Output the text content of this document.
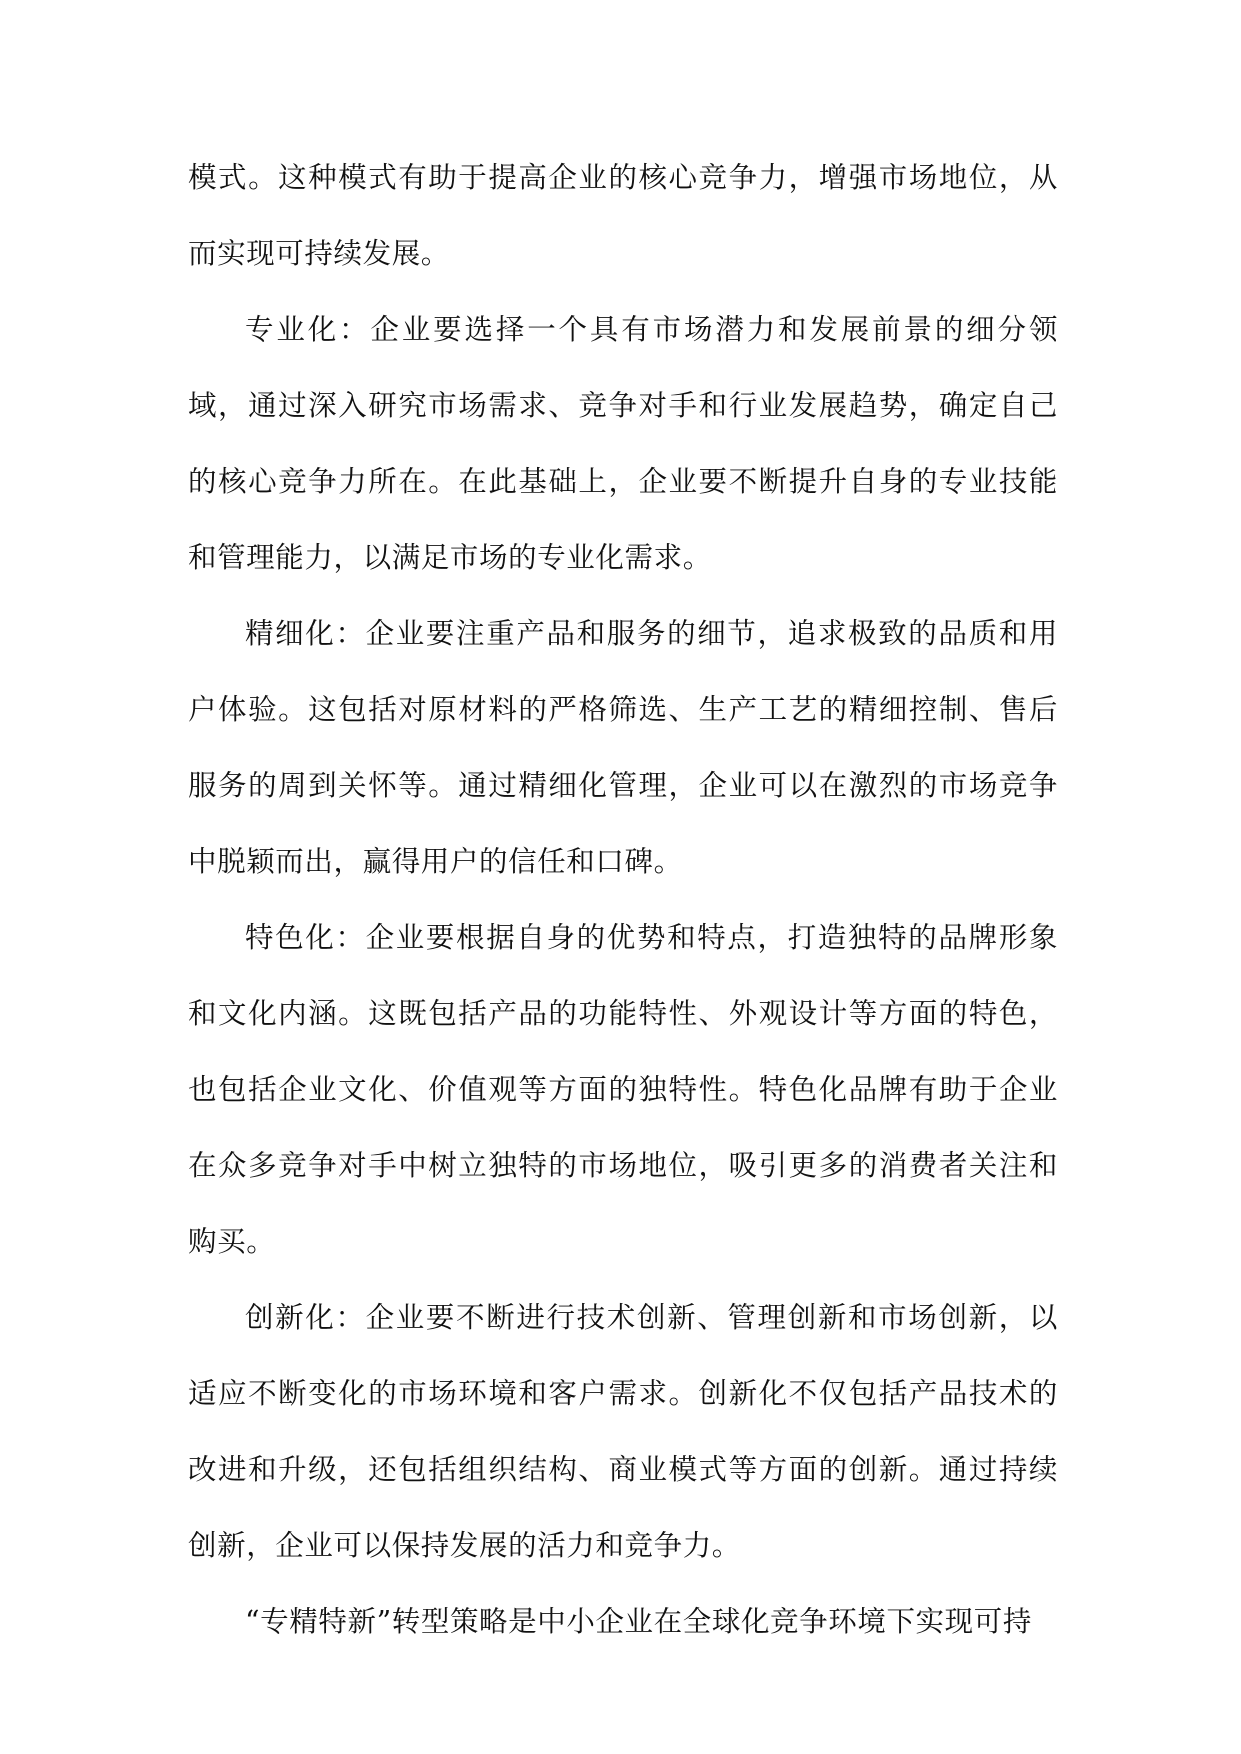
模式。这种模式有助于提高企业的核心竞争力，增强市场地位，从而实现可持续发展。

专业化：企业要选择一个具有市场潜力和发展前景的细分领域，通过深入研究市场需求、竞争对手和行业发展趋势，确定自己的核心竞争力所在。在此基础上，企业要不断提升自身的专业技能和管理能力，以满足市场的专业化需求。

精细化：企业要注重产品和服务的细节，追求极致的品质和用户体验。这包括对原材料的严格筛选、生产工艺的精细控制、售后服务的周到关怀等。通过精细化管理，企业可以在激烈的市场竞争中脱颖而出，赢得用户的信任和口碑。

特色化：企业要根据自身的优势和特点，打造独特的品牌形象和文化内涵。这既包括产品的功能特性、外观设计等方面的特色，也包括企业文化、价值观等方面的独特性。特色化品牌有助于企业在众多竞争对手中树立独特的市场地位，吸引更多的消费者关注和购买。

创新化：企业要不断进行技术创新、管理创新和市场创新，以适应不断变化的市场环境和客户需求。创新化不仅包括产品技术的改进和升级，还包括组织结构、商业模式等方面的创新。通过持续创新，企业可以保持发展的活力和竞争力。

“专精特新”转型策略是中小企业在全球化竞争环境下实现可持
